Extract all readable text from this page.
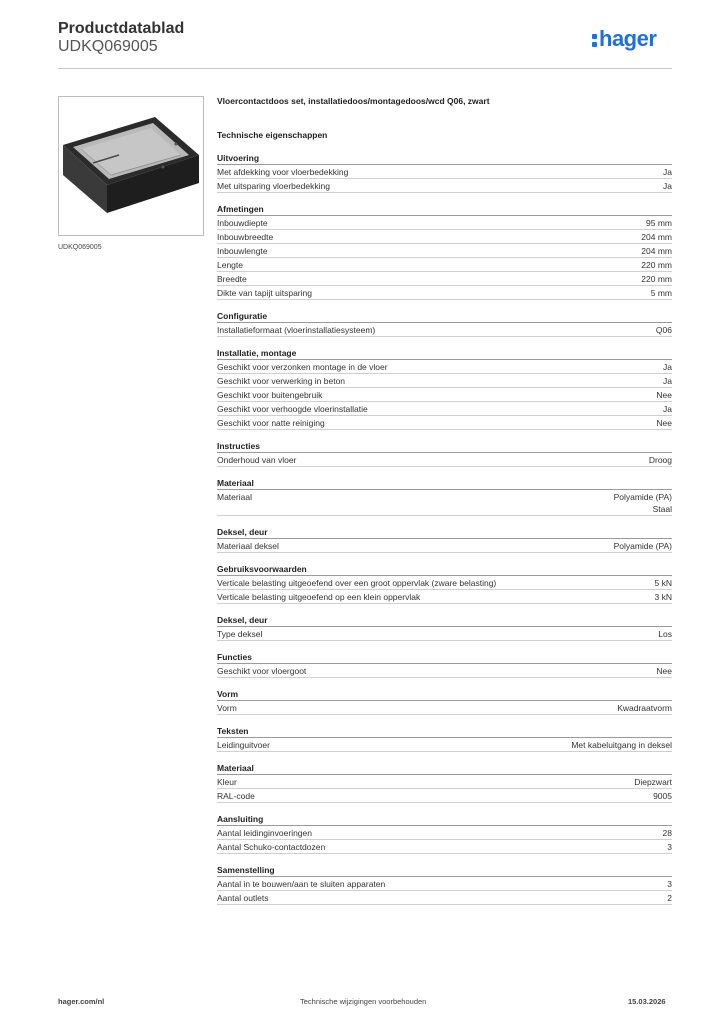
Productdatablad
UDKQ069005	hager
UDKQ069005
Vloercontactdoos set, installatiedoos/montagedoos/wcd Q06, zwart
Technische eigenschappen
Uitvoering
Met afdekking voor vloerbedekking	Ja
Met uitsparing vloerbedekking	Ja
Afmetingen
Inbouwdiepte	95 mm
Inbouwbreedte	204 mm
Inbouwlengte	204 mm
Lengte	220 mm
Breedte	220 mm
Dikte van tapijt uitsparing	5 mm
Configuratie
Installatieformaat (vloerinstallatiesysteem)	Q06
Installatie, montage
Geschikt voor verzonken montage in de vloer	Ja
Geschikt voor verwerking in beton	Ja
Geschikt voor buitengebruik	Nee
Geschikt voor verhoogde vloerinstallatie	Ja
Geschikt voor natte reiniging	Nee
Instructies
Onderhoud van vloer	Droog
Materiaal
Materiaal	Polyamide (PA)
Staal
Deksel, deur
Materiaal deksel	Polyamide (PA)
Gebruiksvoorwaarden
Verticale belasting uitgeoefend over een groot oppervlak (zware belasting)	5 kN
Verticale belasting uitgeoefend op een klein oppervlak	3 kN
Deksel, deur
Type deksel	Los
Functies
Geschikt voor vloergoot	Nee
Vorm
Vorm	Kwadraatvorm
Teksten
Leidinguitvoer	Met kabeluitgang in deksel
Materiaal
Kleur	Diepzwart
RAL-code	9005
Aansluiting
Aantal leidinginvoeringen	28
Aantal Schuko-contactdozen	3
Samenstelling
Aantal in te bouwen/aan te sluiten apparaten	3
Aantal outlets	2
hager.com/nl	Technische wijzigingen voorbehouden	15.03.2026
